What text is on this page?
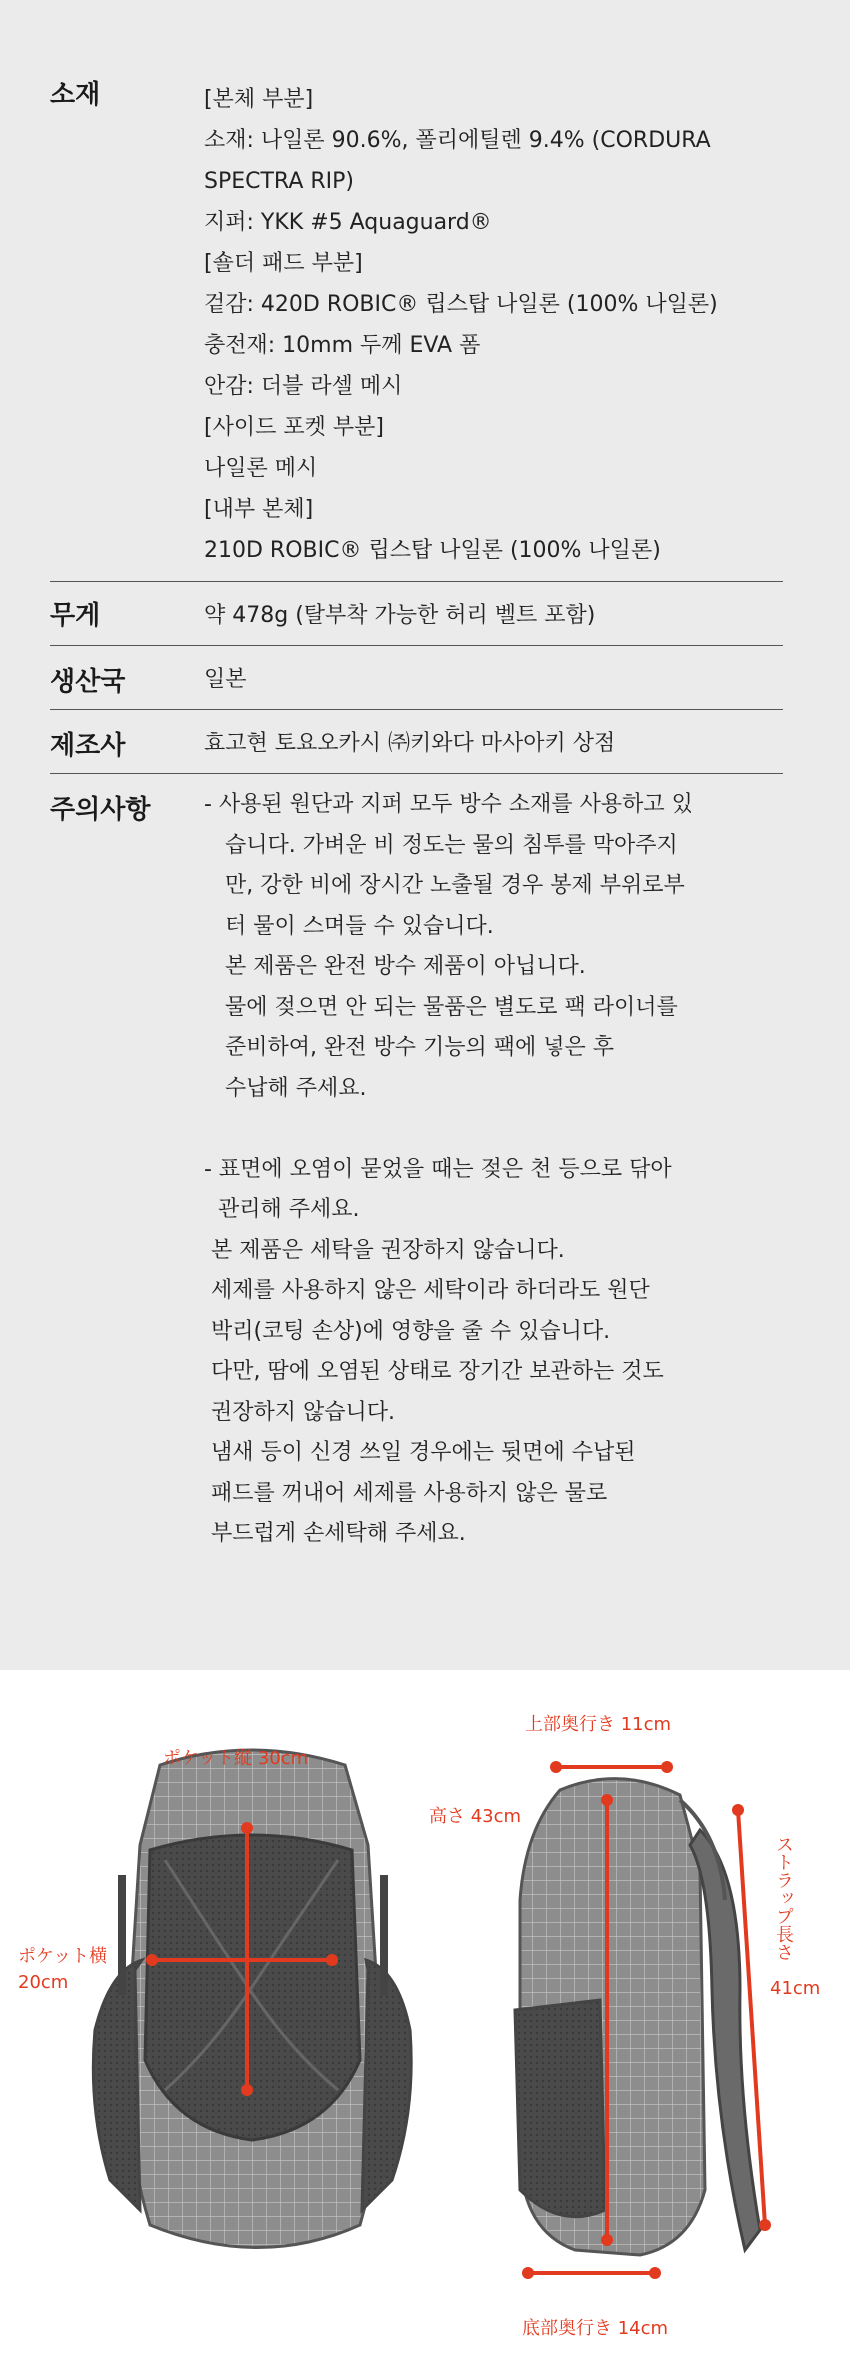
소재	[본체 부분]
소재: 나일론 90.6%, 폴리에틸렌 9.4% (CORDURA
SPECTRA RIP)
지퍼: YKK #5 Aquaguard®
[숄더 패드 부분]
겉감: 420D ROBIC® 립스탑 나일론 (100% 나일론)
충전재: 10mm 두께 EVA 폼
안감: 더블 라셀 메시
[사이드 포켓 부분]
나일론 메시
[내부 본체]
210D ROBIC® 립스탑 나일론 (100% 나일론)
무게	약 478g (탈부착 가능한 허리 벨트 포함)
생산국	일본
제조사	효고현 토요오카시 ㈜키와다 마사아키 상점
주의사항 - 사용된 원단과 지퍼 모두 방수 소재를 사용하고 있
습니다. 가벼운 비 정도는 물의 침투를 막아주지
만, 강한 비에 장시간 노출될 경우 봉제 부위로부
터 물이 스며들 수 있습니다.
본 제품은 완전 방수 제품이 아닙니다.
물에 젖으면 안 되는 물품은 별도로 팩 라이너를
준비하여, 완전 방수 기능의 팩에 넣은 후
수납해 주세요.
- 표면에 오염이 묻었을 때는 젖은 천 등으로 닦아
관리해 주세요.
본 제품은 세탁을 권장하지 않습니다.
세제를 사용하지 않은 세탁이라 하더라도 원단
박리(코팅 손상)에 영향을 줄 수 있습니다.
다만, 땀에 오염된 상태로 장기간 보관하는 것도
권장하지 않습니다.
냄새 등이 신경 쓰일 경우에는 뒷면에 수납된
패드를 꺼내어 세제를 사용하지 않은 물로
부드럽게 손세탁해 주세요.
ポケット縦 30cm
ポケット横
20cm
上部奥行き 11cm
高さ 43cm
ストラップ長さ
41cm
底部奥行き 14cm
